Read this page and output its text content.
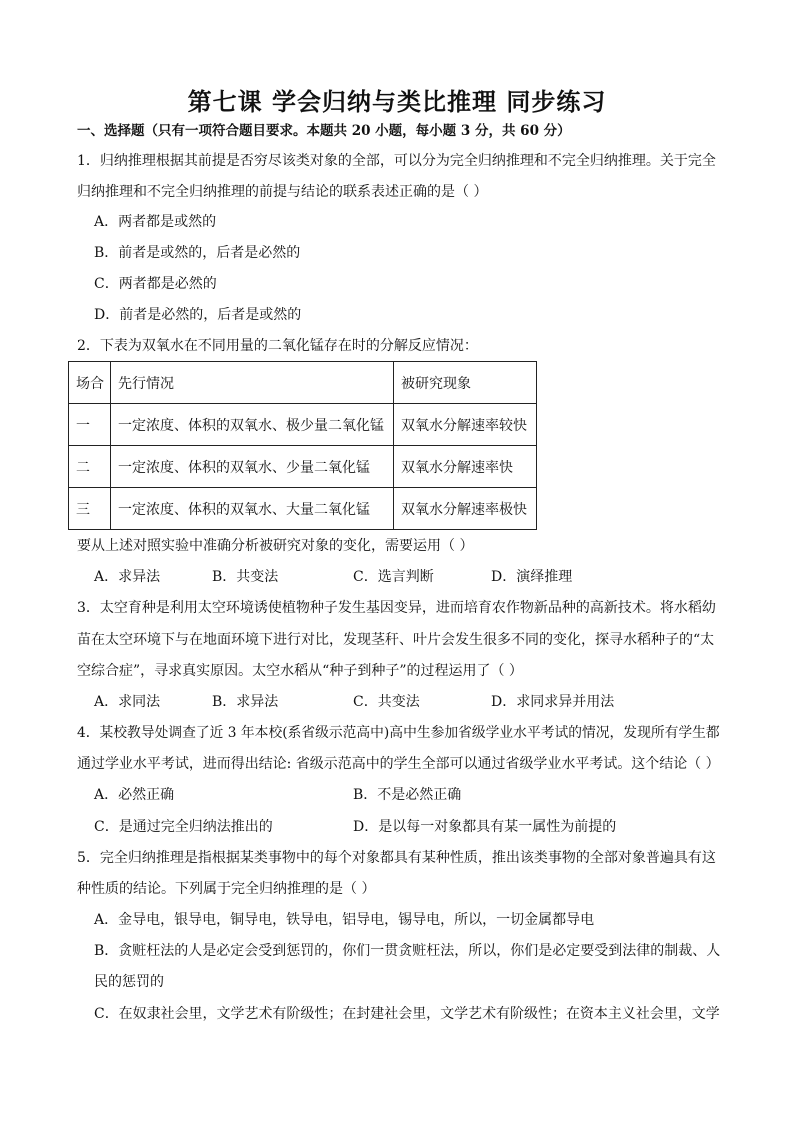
第七课 学会归纳与类比推理 同步练习
一、选择题（只有一项符合题目要求。本题共 20 小题，每小题 3 分，共 60 分）
1．归纳推理根据其前提是否穷尽该类对象的全部，可以分为完全归纳推理和不完全归纳推理。关于完全
归纳推理和不完全归纳推理的前提与结论的联系表述正确的是（ ）
A．两者都是或然的
B．前者是或然的，后者是必然的
C．两者都是必然的
D．前者是必然的，后者是或然的
2．下表为双氧水在不同用量的二氧化锰存在时的分解反应情况：
场合	先行情况	被研究现象
一	一定浓度、体积的双氧水、极少量二氧化锰	双氧水分解速率较快
二	一定浓度、体积的双氧水、少量二氧化锰	双氧水分解速率快
三	一定浓度、体积的双氧水、大量二氧化锰	双氧水分解速率极快
要从上述对照实验中准确分析被研究对象的变化，需要运用（ ）
A．求异法	B．共变法	C．选言判断	D．演绎推理
3．太空育种是利用太空环境诱使植物种子发生基因变异，进而培育农作物新品种的高新技术。将水稻幼
苗在太空环境下与在地面环境下进行对比，发现茎秆、叶片会发生很多不同的变化，探寻水稻种子的“太
空综合症”，寻求真实原因。太空水稻从“种子到种子”的过程运用了（ ）
A．求同法	B．求异法	C．共变法	D．求同求异并用法
4．某校教导处调查了近 3 年本校(系省级示范高中)高中生参加省级学业水平考试的情况，发现所有学生都
通过学业水平考试，进而得出结论: 省级示范高中的学生全部可以通过省级学业水平考试。这个结论（ ）
A．必然正确	B．不是必然正确
C．是通过完全归纳法推出的	D．是以每一对象都具有某一属性为前提的
5．完全归纳推理是指根据某类事物中的每个对象都具有某种性质，推出该类事物的全部对象普遍具有这
种性质的结论。下列属于完全归纳推理的是（ ）
A．金导电，银导电，铜导电，铁导电，铝导电，锡导电，所以，一切金属都导电
B．贪赃枉法的人是必定会受到惩罚的，你们一贯贪赃枉法，所以，你们是必定要受到法律的制裁、人
民的惩罚的
C．在奴隶社会里，文学艺术有阶级性；在封建社会里，文学艺术有阶级性；在资本主义社会里，文学
